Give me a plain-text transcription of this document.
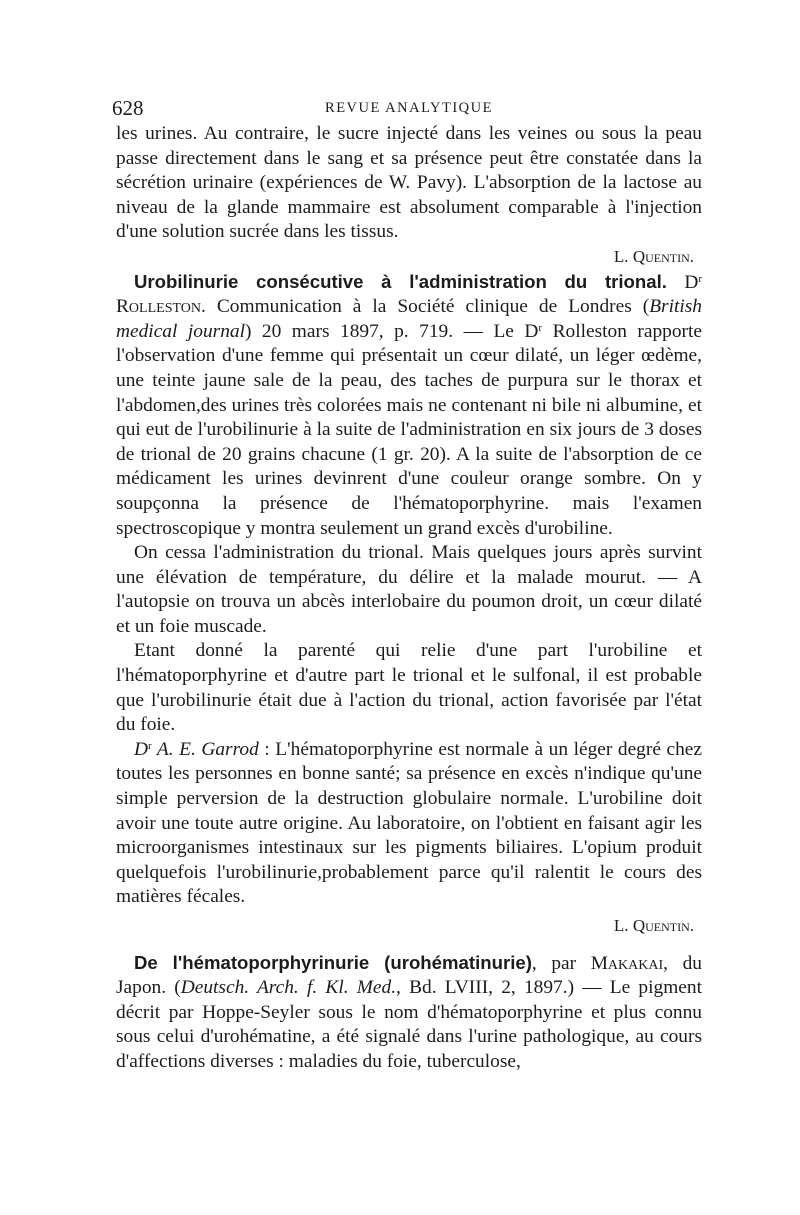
628	REVUE ANALYTIQUE

les urines. Au contraire, le sucre injecté dans les veines ou sous la peau passe directement dans le sang et sa présence peut être constatée dans la sécrétion urinaire (expériences de W. Pavy). L'absorption de la lactose au niveau de la glande mammaire est absolument comparable à l'injection d'une solution sucrée dans les tissus.

L. Quentin.

Urobilinurie consécutive à l'administration du trional. $D^r$ Rolleston. Communication à la Société clinique de Londres (British medical journal) 20 mars 1897, p. 719. — Le $D^r$ Rolleston rapporte l'observation d'une femme qui présentait un cœur dilaté, un léger œdème, une teinte jaune sale de la peau, des taches de purpura sur le thorax et l'abdomen,des urines très colorées mais ne contenant ni bile ni albumine, et qui eut de l'urobilinurie à la suite de l'administration en six jours de 3 doses de trional de 20 grains chacune (1 gr. 20). A la suite de l'absorption de ce médicament les urines devinrent d'une couleur orange sombre. On y soupçonna la présence de l'hématoporphyrine. mais l'examen spectroscopique y montra seulement un grand excès d'urobiline.

On cessa l'administration du trional. Mais quelques jours après survint une élévation de température, du délire et la malade mourut. — A l'autopsie on trouva un abcès interlobaire du poumon droit, un cœur dilaté et un foie muscade.

Etant donné la parenté qui relie d'une part l'urobiline et l'hématoporphyrine et d'autre part le trional et le sulfonal, il est probable que l'urobilinurie était due à l'action du trional, action favorisée par l'état du foie.

$D^r$ A. E. Garrod : L'hématoporphyrine est normale à un léger degré chez toutes les personnes en bonne santé; sa présence en excès n'indique qu'une simple perversion de la destruction globulaire normale. L'urobiline doit avoir une toute autre origine. Au laboratoire, on l'obtient en faisant agir les microorganismes intestinaux sur les pigments biliaires. L'opium produit quelquefois l'urobilinurie,probablement parce qu'il ralentit le cours des matières fécales.

L. Quentin.

De l'hématoporphyrinurie (urohématinurie), par Makakai, du Japon. (Deutsch. Arch. f. Kl. Med., Bd. LVIII, 2, 1897.) — Le pigment décrit par Hoppe-Seyler sous le nom d'hématoporphyrine et plus connu sous celui d'urohématine, a été signalé dans l'urine pathologique, au cours d'affections diverses : maladies du foie, tuberculose,
